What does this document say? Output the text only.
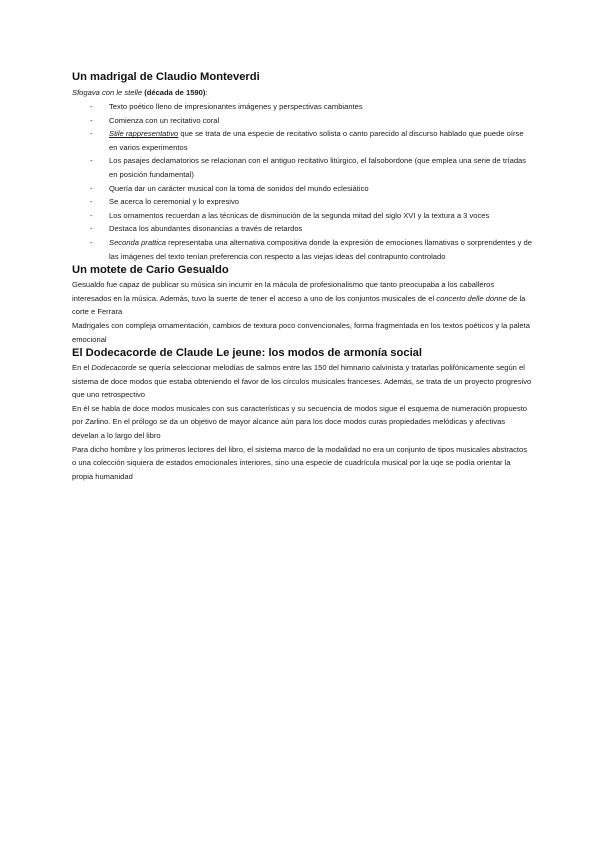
Un madrigal de Claudio Monteverdi
Sfogava con le stelle (década de 1590):
- Texto poético lleno de impresionantes imágenes y perspectivas cambiantes
- Comienza con un recitativo coral
- Stile rappresentativo que se trata de una especie de recitativo solista o canto parecido al discurso hablado que puede oírse en varios experimentos
- Los pasajes declamatorios se relacionan con el antiguo recitativo litúrgico, el falsobordone (que emplea una serie de tríadas en posición fundamental)
- Quería dar un carácter musical con la toma de sonidos del mundo eclesiático
- Se acerca lo ceremonial y lo expresivo
- Los ornamentos recuerdan a las técnicas de disminución de la segunda mitad del siglo XVI y la textura a 3 voces
- Destaca los abundantes disonancias a través de retardos
- Seconda prattica representaba una alternativa compositiva donde la expresión de emociones llamativas o sorprendentes y de las imágenes del texto tenían preferencia con respecto a las viejas ideas del contrapunto controlado
Un motete de Cario Gesualdo

Gesualdo fue capaz de publicar su música sin incurrir en la mácula de profesionalismo que tanto preocupaba a los caballeros interesados en la música. Además, tuvo la suerte de tener el acceso a uno de los conjuntos musicales de el concerto delle donne de la corte e Ferrara

Madrigales con compleja ornamentación, cambios de textura poco convencionales, forma fragmentada en los textos poéticos y la paleta emocional

El Dodecacorde de Claude Le jeune: los modos de armonía social

En el Dodecacorde se quería seleccionar melodías de salmos entre las 150 del himnario calvinista y tratarlas polifónicamente según el sistema de doce modos que estaba obteniendo el favor de los círculos musicales franceses. Además, se trata de un proyecto progresivo que uno retrospectivo

En él se habla de doce modos musicales con sus características y su secuencia de modos sigue el esquema de numeración propuesto por Zarlino. En el prólogo se da un objetivo de mayor alcance aún para los doce modos curas propiedades melódicas y afectivas develan a lo largo del libro

Para dicho hombre y los primeros lectores del libro, el sistema marco de la modalidad no era un conjunto de tipos musicales abstractos o una colección siquiera de estados emocionales interiores, sino una especie de cuadrícula musical por la uqe se podía orientar la propia humanidad
